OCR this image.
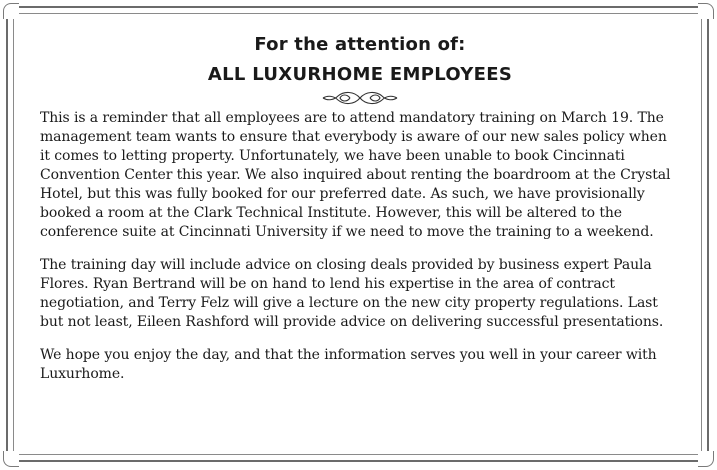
For the attention of:
ALL LUXURHOME EMPLOYEES

This is a reminder that all employees are to attend mandatory training on March 19. The management team wants to ensure that everybody is aware of our new sales policy when it comes to letting property. Unfortunately, we have been unable to book Cincinnati Convention Center this year. We also inquired about renting the boardroom at the Crystal Hotel, but this was fully booked for our preferred date. As such, we have provisionally booked a room at the Clark Technical Institute. However, this will be altered to the conference suite at Cincinnati University if we need to move the training to a weekend.

The training day will include advice on closing deals provided by business expert Paula Flores. Ryan Bertrand will be on hand to lend his expertise in the area of contract negotiation, and Terry Felz will give a lecture on the new city property regulations. Last but not least, Eileen Rashford will provide advice on delivering successful presentations.

We hope you enjoy the day, and that the information serves you well in your career with Luxurhome.
